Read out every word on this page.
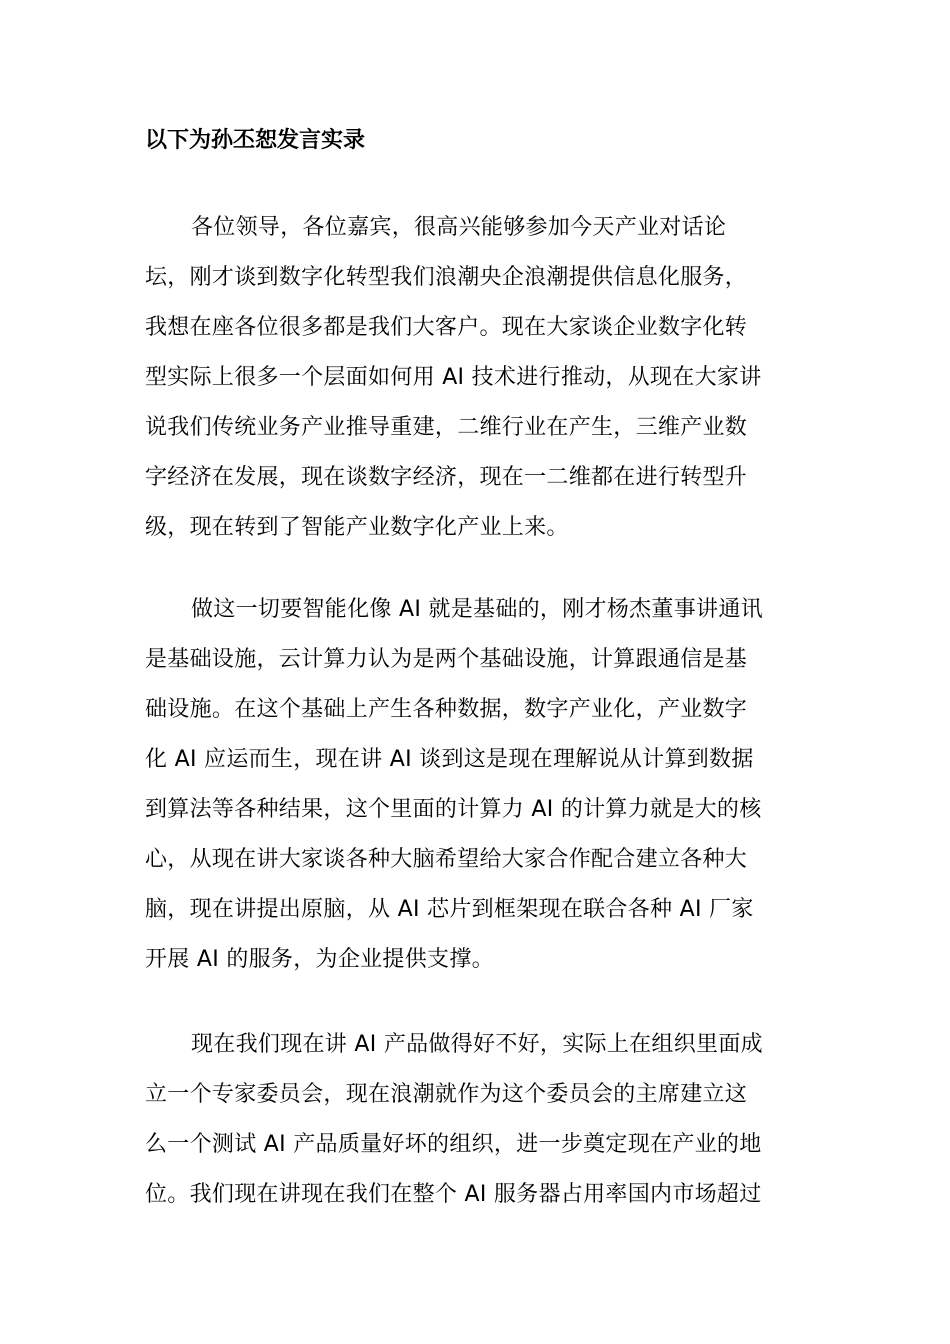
以下为孙丕恕发言实录
各位领导，各位嘉宾，很高兴能够参加今天产业对话论
坛，刚才谈到数字化转型我们浪潮央企浪潮提供信息化服务，
我想在座各位很多都是我们大客户。现在大家谈企业数字化转
型实际上很多一个层面如何用 AI 技术进行推动，从现在大家讲
说我们传统业务产业推导重建，二维行业在产生，三维产业数
字经济在发展，现在谈数字经济，现在一二维都在进行转型升
级，现在转到了智能产业数字化产业上来。
做这一切要智能化像 AI 就是基础的，刚才杨杰董事讲通讯
是基础设施，云计算力认为是两个基础设施，计算跟通信是基
础设施。在这个基础上产生各种数据，数字产业化，产业数字
化 AI 应运而生，现在讲 AI 谈到这是现在理解说从计算到数据
到算法等各种结果，这个里面的计算力 AI 的计算力就是大的核
心，从现在讲大家谈各种大脑希望给大家合作配合建立各种大
脑，现在讲提出原脑，从 AI 芯片到框架现在联合各种 AI 厂家
开展 AI 的服务，为企业提供支撑。
现在我们现在讲 AI 产品做得好不好，实际上在组织里面成
立一个专家委员会，现在浪潮就作为这个委员会的主席建立这
么一个测试 AI 产品质量好坏的组织，进一步奠定现在产业的地
位。我们现在讲现在我们在整个 AI 服务器占用率国内市场超过
